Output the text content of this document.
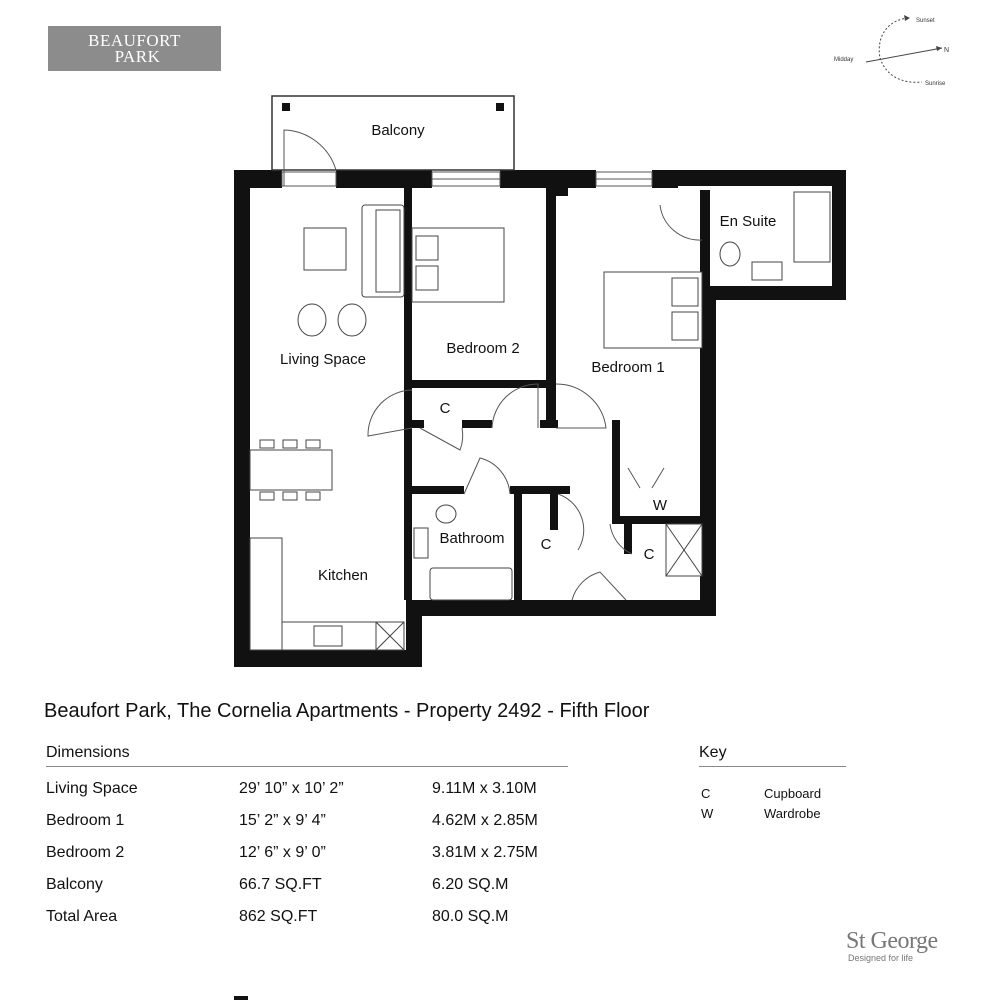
BEAUFORT
PARK
Sunset
N
Midday
Sunrise
Balcony
Living Space
Bedroom 2
Bedroom 1
En Suite
Kitchen
Bathroom
C
C
C
W
Beaufort Park, The Cornelia Apartments - Property 2492 - Fifth Floor
Dimensions
Living Space	29’ 10” x 10’ 2”	9.11M x 3.10M
Bedroom 1	15’ 2” x 9’ 4”	4.62M x 2.85M
Bedroom 2	12’ 6” x 9’ 0”	3.81M x 2.75M
Balcony	66.7 SQ.FT	6.20 SQ.M
Total Area	862 SQ.FT	80.0 SQ.M
Key
C	Cupboard
W	Wardrobe
St George
Designed for life
